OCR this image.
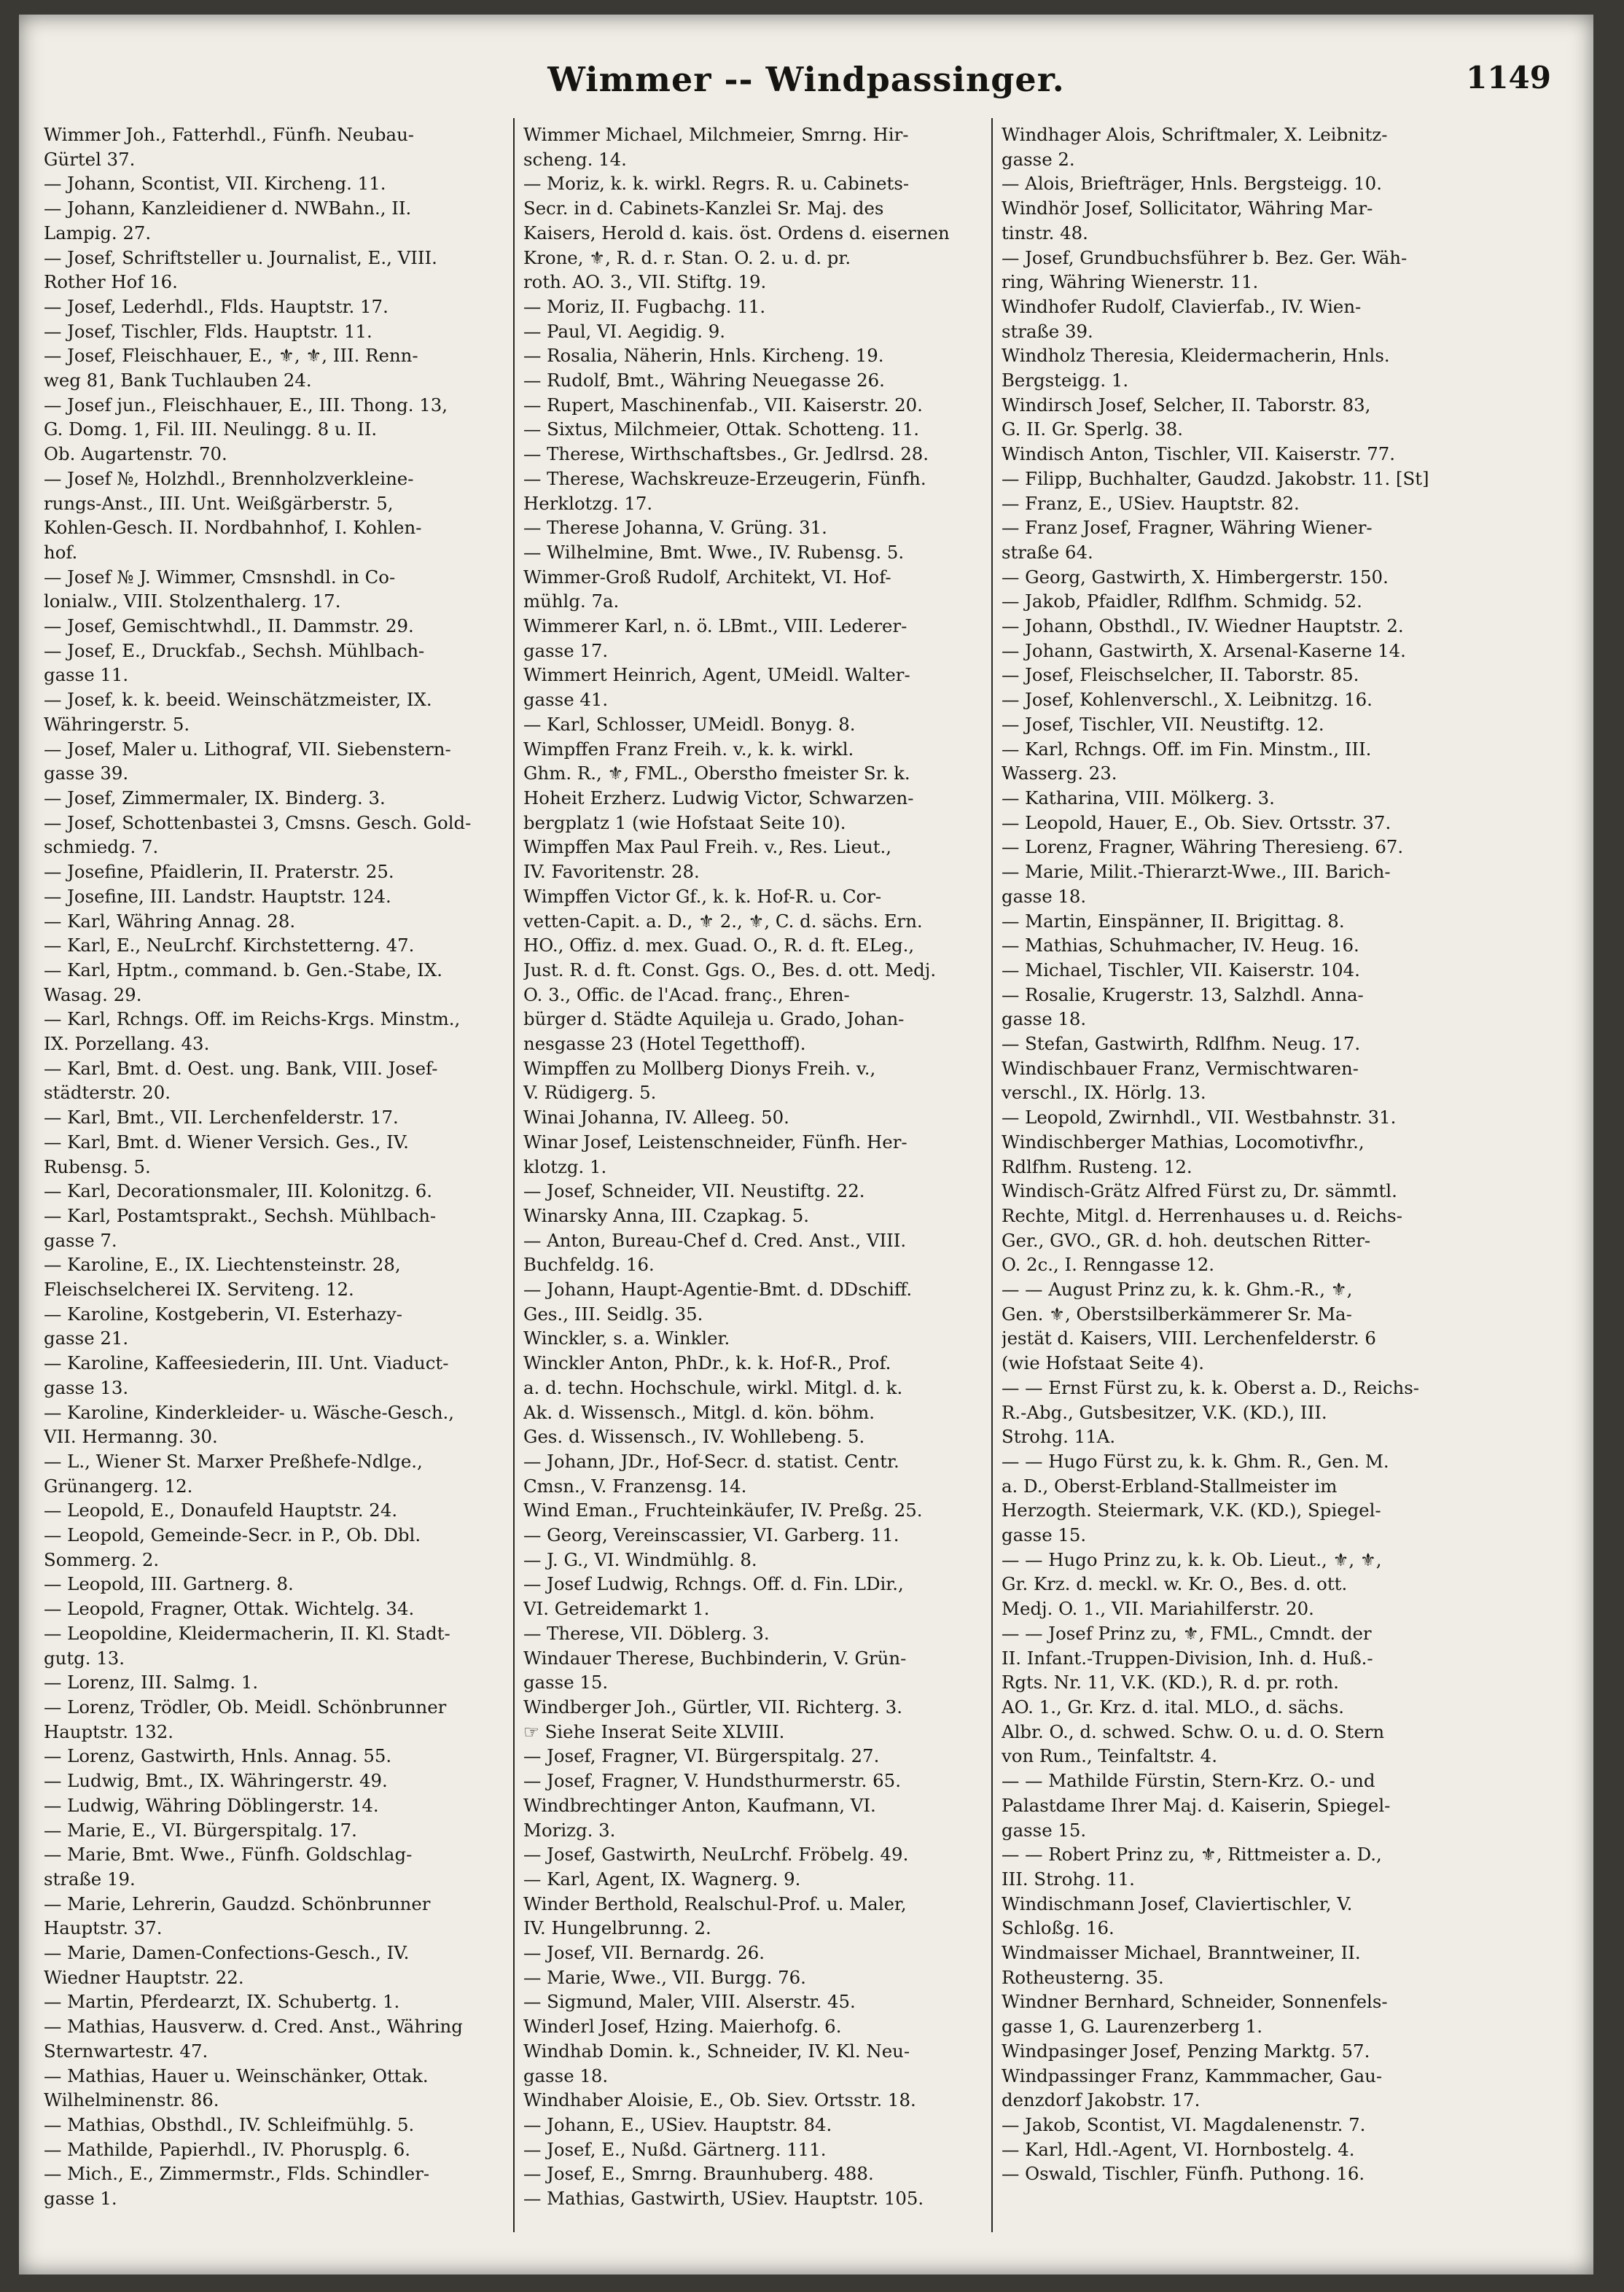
Wimmer -- Windpassinger.	1149
Wimmer Joh., Fatterhdl., Fünfh. Neubau-
Gürtel 37.
— Johann, Scontist, VII. Kircheng. 11.
— Johann, Kanzleidiener d. NWBahn., II.
Lampig. 27.
— Josef, Schriftsteller u. Journalist, E., VIII.
Rother Hof 16.
— Josef, Lederhdl., Flds. Hauptstr. 17.
— Josef, Tischler, Flds. Hauptstr. 11.
— Josef, Fleischhauer, E., ⚜, ⚜, III. Renn-
weg 81, Bank Tuchlauben 24.
— Josef jun., Fleischhauer, E., III. Thong. 13,
G. Domg. 1, Fil. III. Neulingg. 8 u. II.
Ob. Augartenstr. 70.
— Josef №, Holzhdl., Brennholzverkleine-
rungs-Anst., III. Unt. Weißgärberstr. 5,
Kohlen-Gesch. II. Nordbahnhof, I. Kohlen-
hof.
— Josef № J. Wimmer, Cmsnshdl. in Co-
lonialw., VIII. Stolzenthalerg. 17.
— Josef, Gemischtwhdl., II. Dammstr. 29.
— Josef, E., Druckfab., Sechsh. Mühlbach-
gasse 11.
— Josef, k. k. beeid. Weinschätzmeister, IX.
Währingerstr. 5.
— Josef, Maler u. Lithograf, VII. Siebenstern-
gasse 39.
— Josef, Zimmermaler, IX. Binderg. 3.
— Josef, Schottenbastei 3, Cmsns. Gesch. Gold-
schmiedg. 7.
— Josefine, Pfaidlerin, II. Praterstr. 25.
— Josefine, III. Landstr. Hauptstr. 124.
— Karl, Währing Annag. 28.
— Karl, E., NeuLrchf. Kirchstetterng. 47.
— Karl, Hptm., command. b. Gen.-Stabe, IX.
Wasag. 29.
— Karl, Rchngs. Off. im Reichs-Krgs. Minstm.,
IX. Porzellang. 43.
— Karl, Bmt. d. Oest. ung. Bank, VIII. Josef-
städterstr. 20.
— Karl, Bmt., VII. Lerchenfelderstr. 17.
— Karl, Bmt. d. Wiener Versich. Ges., IV.
Rubensg. 5.
— Karl, Decorationsmaler, III. Kolonitzg. 6.
— Karl, Postamtsprakt., Sechsh. Mühlbach-
gasse 7.
— Karoline, E., IX. Liechtensteinstr. 28,
Fleischselcherei IX. Servitеng. 12.
— Karoline, Kostgeberin, VI. Esterhazy-
gasse 21.
— Karoline, Kaffeesiederin, III. Unt. Viaduct-
gasse 13.
— Karoline, Kinderkleider- u. Wäsche-Gesch.,
VII. Hermanng. 30.
— L., Wiener St. Marxer Preßhefe-Ndlge.,
Grünangerg. 12.
— Leopold, E., Donaufeld Hauptstr. 24.
— Leopold, Gemeinde-Secr. in P., Ob. Dbl.
Sommerg. 2.
— Leopold, III. Gartnerg. 8.
— Leopold, Fragner, Ottak. Wichtelg. 34.
— Leopoldine, Kleidermacherin, II. Kl. Stadt-
gutg. 13.
— Lorenz, III. Salmg. 1.
— Lorenz, Trödler, Ob. Meidl. Schönbrunner
Hauptstr. 132.
— Lorenz, Gastwirth, Hnls. Annag. 55.
— Ludwig, Bmt., IX. Währingerstr. 49.
— Ludwig, Währing Döblingerstr. 14.
— Marie, E., VI. Bürgerspitalg. 17.
— Marie, Bmt. Wwe., Fünfh. Goldschlag-
straße 19.
— Marie, Lehrerin, Gaudzd. Schönbrunner
Hauptstr. 37.
— Marie, Damen-Confections-Gesch., IV.
Wiedner Hauptstr. 22.
— Martin, Pferdearzt, IX. Schubertg. 1.
— Mathias, Hausverw. d. Cred. Anst., Währing
Sternwartestr. 47.
— Mathias, Hauer u. Weinschänker, Ottak.
Wilhelminenstr. 86.
— Mathias, Obsthdl., IV. Schleifmühlg. 5.
— Mathilde, Papierhdl., IV. Phorusplg. 6.
— Mich., E., Zimmermstr., Flds. Schindler-
gasse 1.
Wimmer Michael, Milchmeier, Smrng. Hir-
scheng. 14.
— Moriz, k. k. wirkl. Regrs. R. u. Cabinets-
Secr. in d. Cabinets-Kanzlei Sr. Maj. des
Kaisers, Herold d. kais. öst. Ordens d. eisernen
Krone, ⚜, R. d. r. Stan. O. 2. u. d. pr.
roth. AO. 3., VII. Stiftg. 19.
— Moriz, II. Fugbachg. 11.
— Paul, VI. Aegidig. 9.
— Rosalia, Näherin, Hnls. Kircheng. 19.
— Rudolf, Bmt., Währing Neuegasse 26.
— Rupert, Maschinenfab., VII. Kaiserstr. 20.
— Sixtus, Milchmeier, Ottak. Schotteng. 11.
— Therese, Wirthschaftsbes., Gr. Jedlrsd. 28.
— Therese, Wachskreuze-Erzeugerin, Fünfh.
Herklotzg. 17.
— Therese Johanna, V. Grüng. 31.
— Wilhelmine, Bmt. Wwe., IV. Rubensg. 5.
Wimmer-Groß Rudolf, Architekt, VI. Hof-
mühlg. 7a.
Wimmerer Karl, n. ö. LBmt., VIII. Lederer-
gasse 17.
Wimmert Heinrich, Agent, UMeidl. Walter-
gasse 41.
— Karl, Schlosser, UMeidl. Bonyg. 8.
Wimpffen Franz Freih. v., k. k. wirkl.
Ghm. R., ⚜, FML., Oberstho fmeister Sr. k.
Hoheit Erzherz. Ludwig Victor, Schwarzen-
bergplatz 1 (wie Hofstaat Seite 10).
Wimpffen Max Paul Freih. v., Res. Lieut.,
IV. Favoritenstr. 28.
Wimpffen Victor Gf., k. k. Hof-R. u. Cor-
vetten-Capit. a. D., ⚜ 2., ⚜, C. d. sächs. Ern.
HO., Offiz. d. mex. Guad. O., R. d. ft. ELeg.,
Just. R. d. ft. Const. Ggs. O., Bes. d. ott. Medj.
O. 3., Offic. de l'Acad. franç., Ehren-
bürger d. Städte Aquileja u. Grado, Johan-
nesgasse 23 (Hotel Tegetthoff).
Wimpffen zu Mollberg Dionys Freih. v.,
V. Rüdigerg. 5.
Winai Johanna, IV. Alleeg. 50.
Winar Josef, Leistenschneider, Fünfh. Her-
klotzg. 1.
— Josef, Schneider, VII. Neustiftg. 22.
Winarsky Anna, III. Czapkag. 5.
— Anton, Bureau-Chef d. Cred. Anst., VIII.
Buchfeldg. 16.
— Johann, Haupt-Agentie-Bmt. d. DDschiff.
Ges., III. Seidlg. 35.
Winckler, s. a. Winkler.
Winckler Anton, PhDr., k. k. Hof-R., Prof.
a. d. techn. Hochschule, wirkl. Mitgl. d. k.
Ak. d. Wissensch., Mitgl. d. kön. böhm.
Ges. d. Wissensch., IV. Wohllebeng. 5.
— Johann, JDr., Hof-Secr. d. statist. Centr.
Cmsn., V. Franzensg. 14.
Wind Eman., Fruchteinkäufer, IV. Preßg. 25.
— Georg, Vereinscassier, VI. Garberg. 11.
— J. G., VI. Windmühlg. 8.
— Josef Ludwig, Rchngs. Off. d. Fin. LDir.,
VI. Getreidemarkt 1.
— Therese, VII. Döblerg. 3.
Windauer Therese, Buchbinderin, V. Grün-
gasse 15.
Windberger Joh., Gürtler, VII. Richterg. 3.
☞ Siehe Inserat Seite XLVIII.
— Josef, Fragner, VI. Bürgerspitalg. 27.
— Josef, Fragner, V. Hundsthurmerstr. 65.
Windbrechtinger Anton, Kaufmann, VI.
Morizg. 3.
— Josef, Gastwirth, NeuLrchf. Fröbelg. 49.
— Karl, Agent, IX. Wagnerg. 9.
Winder Berthold, Realschul-Prof. u. Maler,
IV. Hungelbrunng. 2.
— Josef, VII. Bernardg. 26.
— Marie, Wwe., VII. Burgg. 76.
— Sigmund, Maler, VIII. Alserstr. 45.
Winderl Josef, Hzing. Maierhofg. 6.
Windhab Domin. k., Schneider, IV. Kl. Neu-
gasse 18.
Windhaber Aloisie, E., Ob. Siev. Ortsstr. 18.
— Johann, E., USiev. Hauptstr. 84.
— Josef, E., Nußd. Gärtnerg. 111.
— Josef, E., Smrng. Braunhuberg. 488.
— Mathias, Gastwirth, USiev. Hauptstr. 105.
Windhager Alois, Schriftmaler, X. Leibnitz-
gasse 2.
— Alois, Briefträger, Hnls. Bergsteigg. 10.
Windhör Josef, Sollicitator, Währing Mar-
tinstr. 48.
— Josef, Grundbuchsführer b. Bez. Ger. Wäh-
ring, Währing Wienerstr. 11.
Windhofer Rudolf, Clavierfab., IV. Wien-
straße 39.
Windholz Theresia, Kleidermacherin, Hnls.
Bergsteigg. 1.
Windirsch Josef, Selcher, II. Taborstr. 83,
G. II. Gr. Sperlg. 38.
Windisch Anton, Tischler, VII. Kaiserstr. 77.
— Filipp, Buchhalter, Gaudzd. Jakobstr. 11. [St]
— Franz, E., USiev. Hauptstr. 82.
— Franz Josef, Fragner, Währing Wiener-
straße 64.
— Georg, Gastwirth, X. Himbergerstr. 150.
— Jakob, Pfaidler, Rdlfhm. Schmidg. 52.
— Johann, Obsthdl., IV. Wiedner Hauptstr. 2.
— Johann, Gastwirth, X. Arsenal-Kaserne 14.
— Josef, Fleischselcher, II. Taborstr. 85.
— Josef, Kohlenverschl., X. Leibnitzg. 16.
— Josef, Tischler, VII. Neustiftg. 12.
— Karl, Rchngs. Off. im Fin. Minstm., III.
Wasserg. 23.
— Katharina, VIII. Mölkerg. 3.
— Leopold, Hauer, E., Ob. Siev. Ortsstr. 37.
— Lorenz, Fragner, Währing Theresieng. 67.
— Marie, Milit.-Thierarzt-Wwe., III. Barich-
gasse 18.
— Martin, Einspänner, II. Brigittag. 8.
— Mathias, Schuhmacher, IV. Heug. 16.
— Michael, Tischler, VII. Kaiserstr. 104.
— Rosalie, Krugerstr. 13, Salzhdl. Anna-
gasse 18.
— Stefan, Gastwirth, Rdlfhm. Neug. 17.
Windischbauer Franz, Vermischtwaren-
verschl., IX. Hörlg. 13.
— Leopold, Zwirnhdl., VII. Westbahnstr. 31.
Windischberger Mathias, Locomotivfhr.,
Rdlfhm. Rusteng. 12.
Windisch-Grätz Alfred Fürst zu, Dr. sämmtl.
Rechte, Mitgl. d. Herrenhauses u. d. Reichs-
Ger., GVO., GR. d. hoh. deutschen Ritter-
O. 2c., I. Renngasse 12.
— — August Prinz zu, k. k. Ghm.-R., ⚜,
Gen. ⚜, Oberstsilberkämmerer Sr. Ma-
jestät d. Kaisers, VIII. Lerchenfelderstr. 6
(wie Hofstaat Seite 4).
— — Ernst Fürst zu, k. k. Oberst a. D., Reichs-
R.-Abg., Gutsbesitzer, V.K. (KD.), III.
Strohg. 11A.
— — Hugo Fürst zu, k. k. Ghm. R., Gen. M.
a. D., Oberst-Erbland-Stallmeister im
Herzogth. Steiermark, V.K. (KD.), Spiegel-
gasse 15.
— — Hugo Prinz zu, k. k. Ob. Lieut., ⚜, ⚜,
Gr. Krz. d. meckl. w. Kr. O., Bes. d. ott.
Medj. O. 1., VII. Mariahilferstr. 20.
— — Josef Prinz zu, ⚜, FML., Cmndt. der
II. Infant.-Truppen-Division, Inh. d. Huß.-
Rgts. Nr. 11, V.K. (KD.), R. d. pr. roth.
AO. 1., Gr. Krz. d. ital. MLO., d. sächs.
Albr. O., d. schwed. Schw. O. u. d. O. Stern
von Rum., Teinfaltstr. 4.
— — Mathilde Fürstin, Stern-Krz. O.- und
Palastdame Ihrer Maj. d. Kaiserin, Spiegel-
gasse 15.
— — Robert Prinz zu, ⚜, Rittmeister a. D.,
III. Strohg. 11.
Windischmann Josef, Claviertischler, V.
Schloßg. 16.
Windmaisser Michael, Branntweiner, II.
Rotheusterng. 35.
Windner Bernhard, Schneider, Sonnenfels-
gasse 1, G. Laurenzerberg 1.
Windpasinger Josef, Penzing Marktg. 57.
Windpassinger Franz, Kammmacher, Gau-
denzdorf Jakobstr. 17.
— Jakob, Scontist, VI. Magdalenenstr. 7.
— Karl, Hdl.-Agent, VI. Hornbostelg. 4.
— Oswald, Tischler, Fünfh. Puthong. 16.
